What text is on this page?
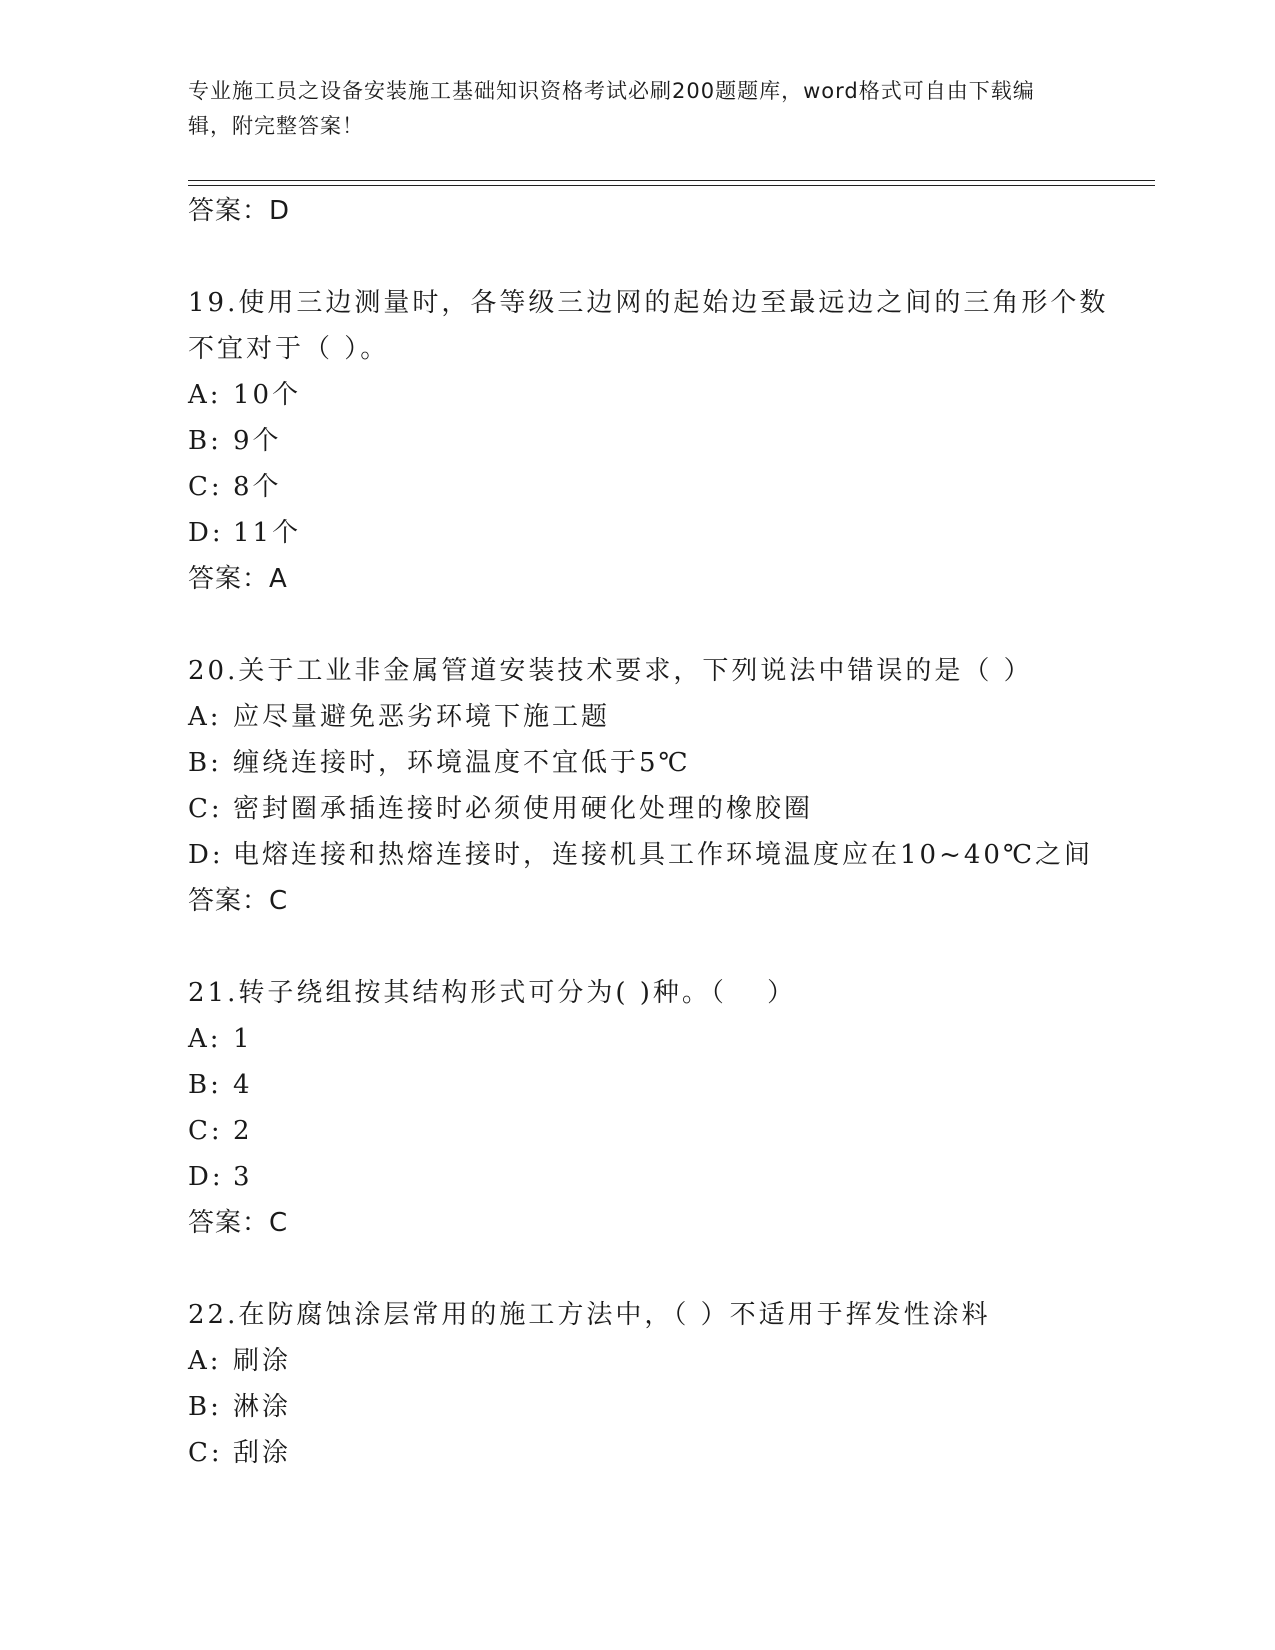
专业施工员之设备安装施工基础知识资格考试必刷200题题库，word格式可自由下载编辑，附完整答案！
答案：D
19.使用三边测量时，各等级三边网的起始边至最远边之间的三角形个数不宜对于（ ）。
A: 10个
B: 9个
C: 8个
D: 11个
答案：A
20.关于工业非金属管道安装技术要求，下列说法中错误的是（ ）
A: 应尽量避免恶劣环境下施工题
B: 缠绕连接时，环境温度不宜低于5℃
C: 密封圈承插连接时必须使用硬化处理的橡胶圈
D: 电熔连接和热熔连接时，连接机具工作环境温度应在10~40℃之间
答案：C
21.转子绕组按其结构形式可分为( )种。（　 ）
A: 1
B: 4
C: 2
D: 3
答案：C
22.在防腐蚀涂层常用的施工方法中，（ ）不适用于挥发性涂料
A: 刷涂
B: 淋涂
C: 刮涂
